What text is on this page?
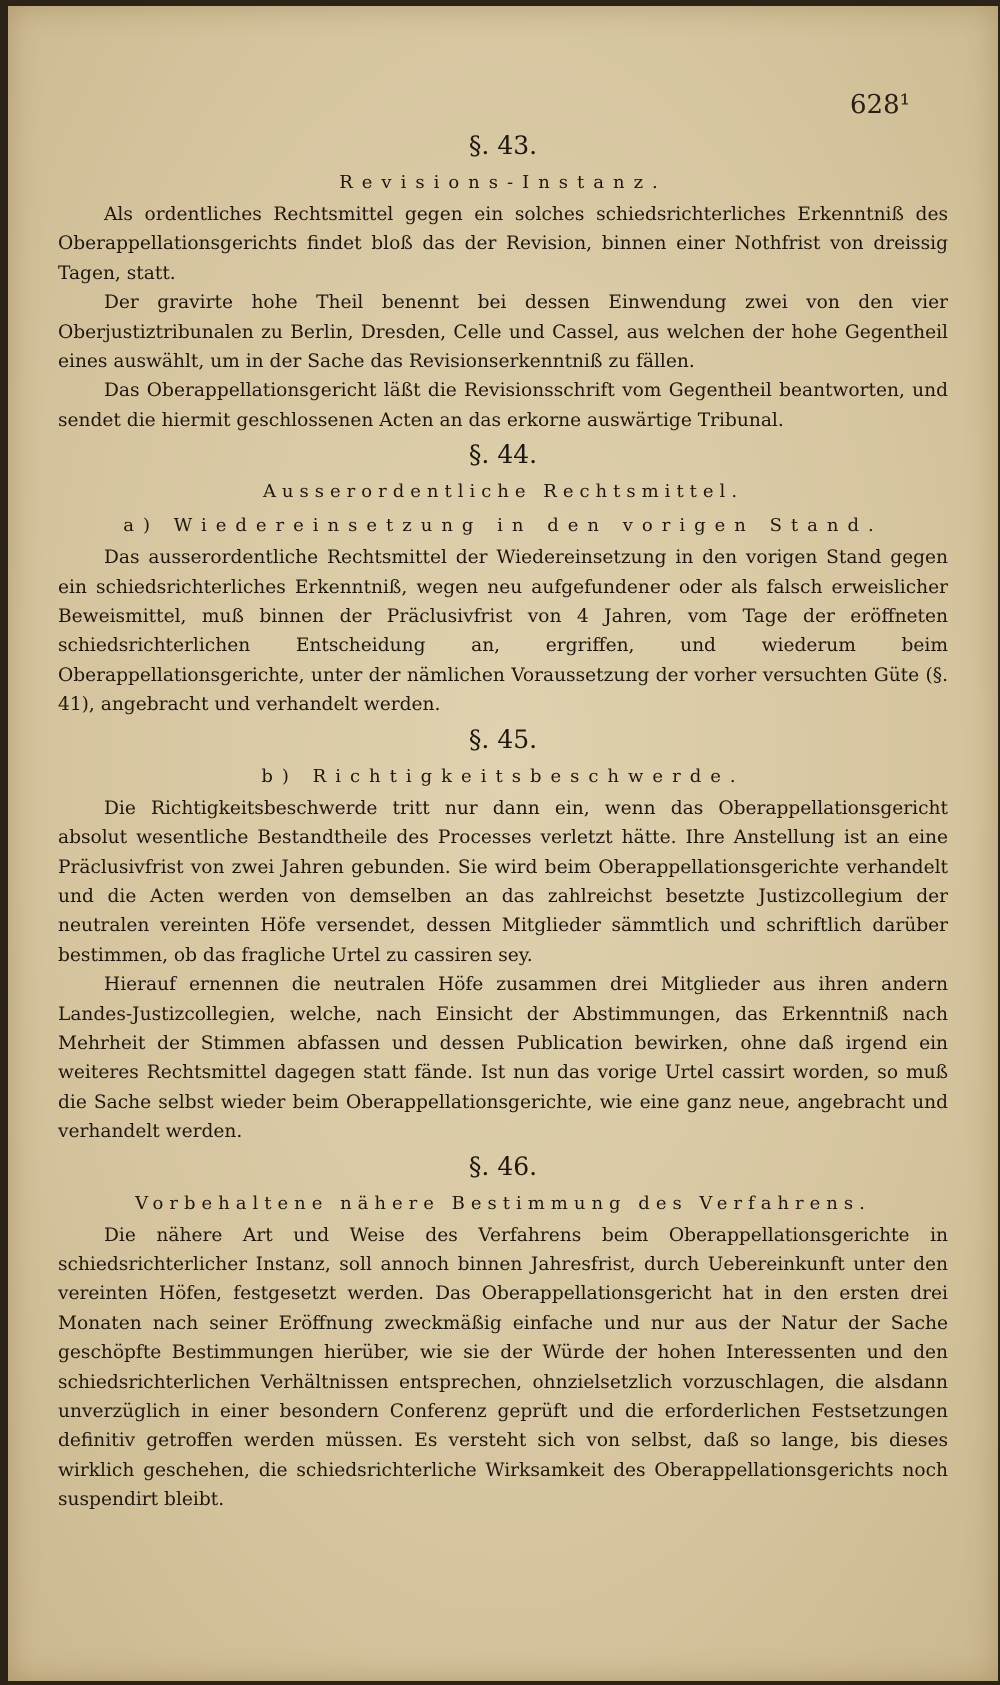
628¹
§. 43.
Revisions-Instanz.

Als ordentliches Rechtsmittel gegen ein solches schiedsrichterliches Erkenntniß des Oberappellationsgerichts findet bloß das der Revision, binnen einer Nothfrist von dreissig Tagen, statt.

Der gravirte hohe Theil benennt bei dessen Einwendung zwei von den vier Oberjustiztribunalen zu Berlin, Dresden, Celle und Cassel, aus welchen der hohe Gegentheil eines auswählt, um in der Sache das Revisionserkenntniß zu fällen.

Das Oberappellationsgericht läßt die Revisionsschrift vom Gegentheil beantworten, und sendet die hiermit geschlossenen Acten an das erkorne auswärtige Tribunal.

§. 44.
Ausserordentliche Rechtsmittel.
a) Wiedereinsetzung in den vorigen Stand.

Das ausserordentliche Rechtsmittel der Wiedereinsetzung in den vorigen Stand gegen ein schiedsrichterliches Erkenntniß, wegen neu aufgefundener oder als falsch erweislicher Beweismittel, muß binnen der Präclusivfrist von 4 Jahren, vom Tage der eröffneten schiedsrichterlichen Entscheidung an, ergriffen, und wiederum beim Oberappellationsgerichte, unter der nämlichen Voraussetzung der vorher versuchten Güte (§. 41), angebracht und verhandelt werden.

§. 45.
b) Richtigkeitsbeschwerde.

Die Richtigkeitsbeschwerde tritt nur dann ein, wenn das Oberappellationsgericht absolut wesentliche Bestandtheile des Processes verletzt hätte. Ihre Anstellung ist an eine Präclusivfrist von zwei Jahren gebunden. Sie wird beim Oberappellationsgerichte verhandelt und die Acten werden von demselben an das zahlreichst besetzte Justizcollegium der neutralen vereinten Höfe versendet, dessen Mitglieder sämmtlich und schriftlich darüber bestimmen, ob das fragliche Urtel zu cassiren sey.

Hierauf ernennen die neutralen Höfe zusammen drei Mitglieder aus ihren andern Landes-Justizcollegien, welche, nach Einsicht der Abstimmungen, das Erkenntniß nach Mehrheit der Stimmen abfassen und dessen Publication bewirken, ohne daß irgend ein weiteres Rechtsmittel dagegen statt fände. Ist nun das vorige Urtel cassirt worden, so muß die Sache selbst wieder beim Oberappellationsgerichte, wie eine ganz neue, angebracht und verhandelt werden.

§. 46.
Vorbehaltene nähere Bestimmung des Verfahrens.

Die nähere Art und Weise des Verfahrens beim Oberappellationsgerichte in schiedsrichterlicher Instanz, soll annoch binnen Jahresfrist, durch Uebereinkunft unter den vereinten Höfen, festgesetzt werden. Das Oberappellationsgericht hat in den ersten drei Monaten nach seiner Eröffnung zweckmäßig einfache und nur aus der Natur der Sache geschöpfte Bestimmungen hierüber, wie sie der Würde der hohen Interessenten und den schiedsrichterlichen Verhältnissen entsprechen, ohnzielsetzlich vorzuschlagen, die alsdann unverzüglich in einer besondern Conferenz geprüft und die erforderlichen Festsetzungen definitiv getroffen werden müssen. Es versteht sich von selbst, daß so lange, bis dieses wirklich geschehen, die schiedsrichterliche Wirksamkeit des Oberappellationsgerichts noch suspendirt bleibt.
